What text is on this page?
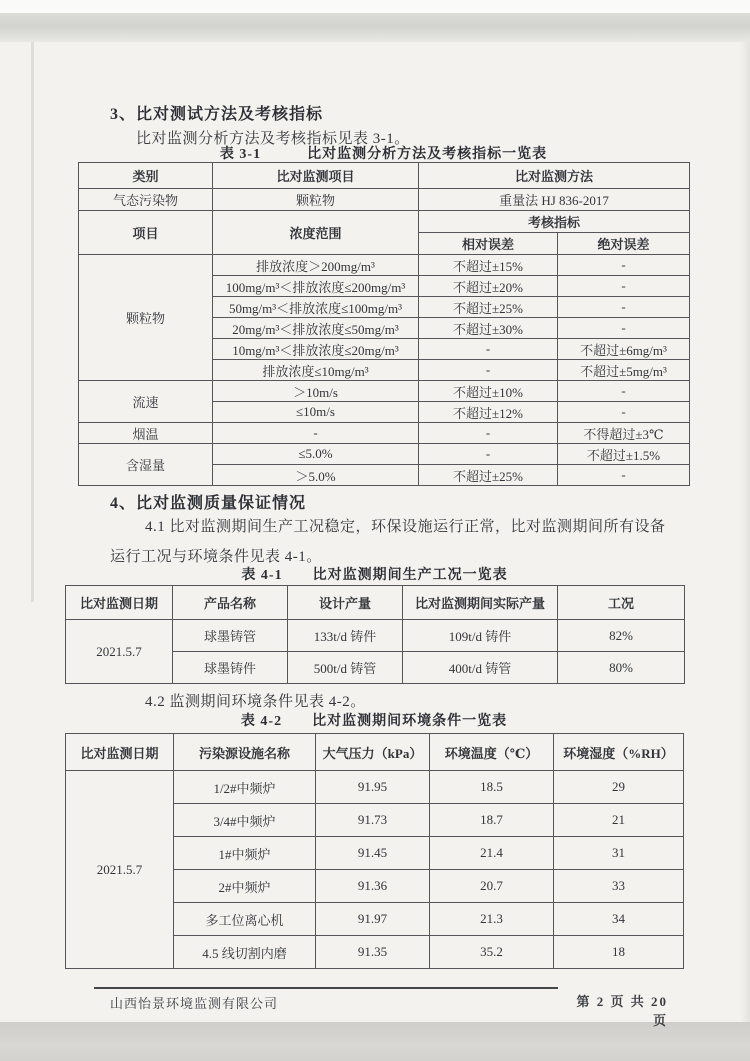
3、比对测试方法及考核指标
比对监测分析方法及考核指标见表 3-1。
表 3-1	比对监测分析方法及考核指标一览表
类别	比对监测项目	比对监测方法	
气态污染物	颗粒物	重量法 HJ 836-2017	
项目	浓度范围	考核指标	
		相对误差	绝对误差
颗粒物	排放浓度＞200mg/m³	不超过±15%	-
	100mg/m³＜排放浓度≤200mg/m³	不超过±20%	-
	50mg/m³＜排放浓度≤100mg/m³	不超过±25%	-
	20mg/m³＜排放浓度≤50mg/m³	不超过±30%	-
	10mg/m³＜排放浓度≤20mg/m³	-	不超过±6mg/m³
	排放浓度≤10mg/m³	-	不超过±5mg/m³
流速	＞10m/s	不超过±10%	-
	≤10m/s	不超过±12%	-
烟温	-	-	不得超过±3℃
含湿量	≤5.0%	-	不超过±1.5%
	＞5.0%	不超过±25%	-
4、比对监测质量保证情况
4.1 比对监测期间生产工况稳定，环保设施运行正常，比对监测期间所有设备
运行工况与环境条件见表 4-1。
表 4-1 比对监测期间生产工况一览表
比对监测日期	产品名称	设计产量	比对监测期间实际产量	工况
2021.5.7	球墨铸管	133t/d 铸件	109t/d 铸件	82%
	球墨铸件	500t/d 铸管	400t/d 铸管	80%
4.2 监测期间环境条件见表 4-2。
表 4-2 比对监测期间环境条件一览表
比对监测日期	污染源设施名称	大气压力（kPa）	环境温度（℃）	环境湿度（%RH）
2021.5.7	1/2#中频炉	91.95	18.5	29
	3/4#中频炉	91.73	18.7	21
	1#中频炉	91.45	21.4	31
	2#中频炉	91.36	20.7	33
	多工位离心机	91.97	21.3	34
	4.5 线切割内磨	91.35	35.2	18
山西怡景环境监测有限公司	第 2 页 共 20 页
